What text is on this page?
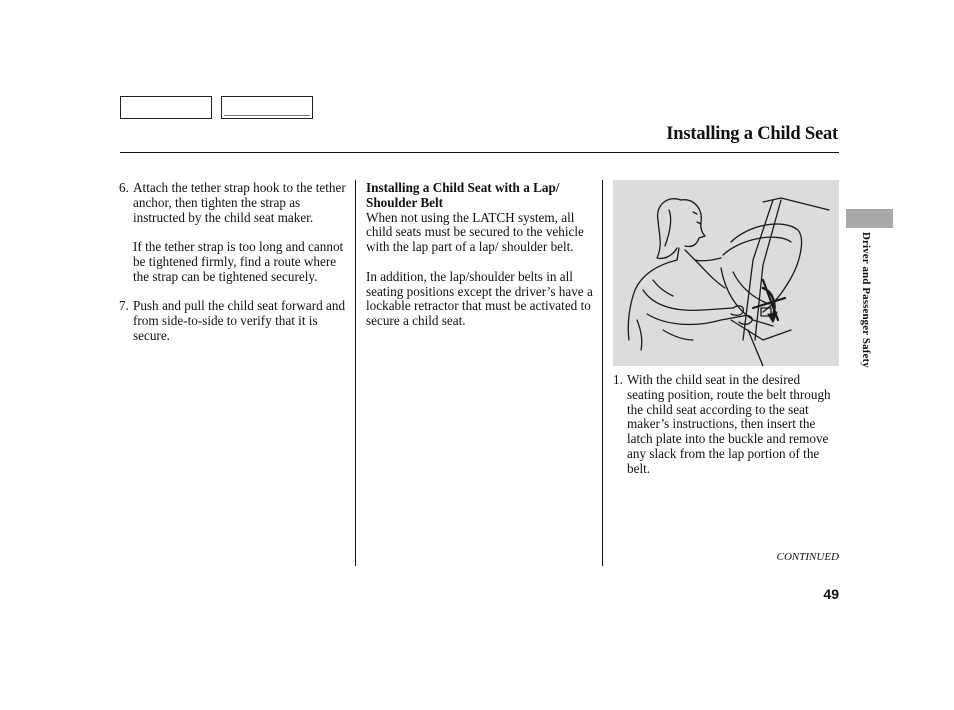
Installing a Child Seat
6. Attach the tether strap hook to the tether anchor, then tighten the strap as instructed by the child seat maker.

If the tether strap is too long and cannot be tightened firmly, find a route where the strap can be tightened securely.

7. Push and pull the child seat forward and from side-to-side to verify that it is secure.

Installing a Child Seat with a Lap/ Shoulder Belt

When not using the LATCH system, all child seats must be secured to the vehicle with the lap part of a lap/ shoulder belt.

In addition, the lap/shoulder belts in all seating positions except the driver’s have a lockable retractor that must be activated to secure a child seat.

1. With the child seat in the desired seating position, route the belt through the child seat according to the seat maker’s instructions, then insert the latch plate into the buckle and remove any slack from the lap portion of the belt.

Driver and Passenger Safety
CONTINUED
49
